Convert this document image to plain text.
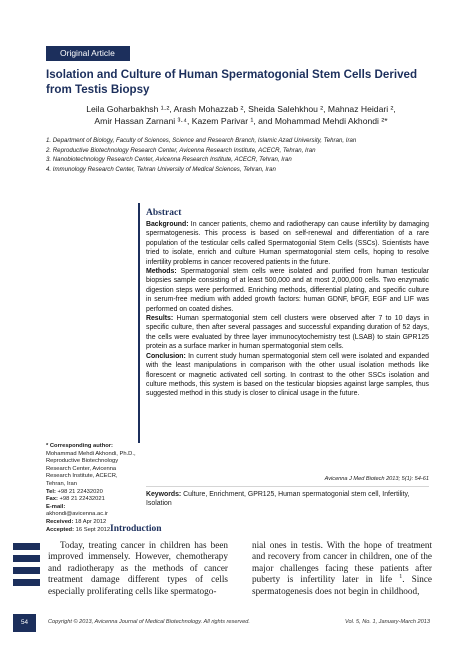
Original Article
Isolation and Culture of Human Spermatogonial Stem Cells Derived from Testis Biopsy
Leila Goharbakhsh ¹·², Arash Mohazzab ², Sheida Salehkhou ², Mahnaz Heidari ²,
Amir Hassan Zarnani ³·⁴, Kazem Parivar ¹, and Mohammad Mehdi Akhondi ²*
1. Department of Biology, Faculty of Sciences, Science and Research Branch, Islamic Azad University, Tehran, Iran
2. Reproductive Biotechnology Research Center, Avicenna Research Institute, ACECR, Tehran, Iran
3. Nanobiotechnology Research Center, Avicenna Research Institute, ACECR, Tehran, Iran
4. Immunology Research Center, Tehran University of Medical Sciences, Tehran, Iran
Abstract

Background: In cancer patients, chemo and radiotherapy can cause infertility by damaging spermatogenesis. This process is based on self-renewal and differentiation of a rare population of the testicular cells called Spermatogonial Stem Cells (SSCs). Scientists have tried to isolate, enrich and culture Human spermatogonial stem cells, hoping to resolve infertility problems in cancer recovered patients in the future.

Methods: Spermatogonial stem cells were isolated and purified from human testicular biopsies sample consisting of at least 500,000 and at most 2,000,000 cells. Two enzymatic digestion steps were performed. Enriching methods, differential plating, and specific culture in serum-free medium with added growth factors: human GDNF, bFGF, EGF and LIF was performed on coated dishes.

Results: Human spermatogonial stem cell clusters were observed after 7 to 10 days in specific culture, then after several passages and successful expanding duration of 52 days, the cells were evaluated by three layer immunocytochemistry test (LSAB) to stain GPR125 protein as a surface marker in human spermatogonial stem cells.

Conclusion: In current study human spermatogonial stem cell were isolated and expanded with the least manipulations in comparison with the other usual isolation methods like florescent or magnetic activated cell sorting. In contrast to the other SSCs isolation and culture methods, this system is based on the testicular biopsies against large samples, thus suggested method in this study is closer to clinical usage in the future.

* Corresponding author:
Mohammad Mehdi Akhondi, Ph.D., Reproductive Biotechnology Research Center, Avicenna Research Institute, ACECR, Tehran, Iran
Tel: +98 21 22432020
Fax: +98 21 22432021
E-mail:
akhondi@avicenna.ac.ir
Received: 18 Apr 2012
Accepted: 16 Sept 2012
Avicenna J Med Biotech 2013; 5(1): 54-61
Keywords: Culture, Enrichment, GPR125, Human spermatogonial stem cell, Infertility, Isolation
Introduction

Today, treating cancer in children has been improved immensely. However, chemotherapy and radiotherapy as the methods of cancer treatment damage different types of cells especially proliferating cells like spermatogo-

nial ones in testis. With the hope of treatment and recovery from cancer in children, one of the major challenges facing these patients after puberty is infertility later in life $^1$. Since spermatogenesis does not begin in childhood,
54	Copyright © 2013, Avicenna Journal of Medical Biotechnology. All rights reserved.	Vol. 5, No. 1, January-March 2013
